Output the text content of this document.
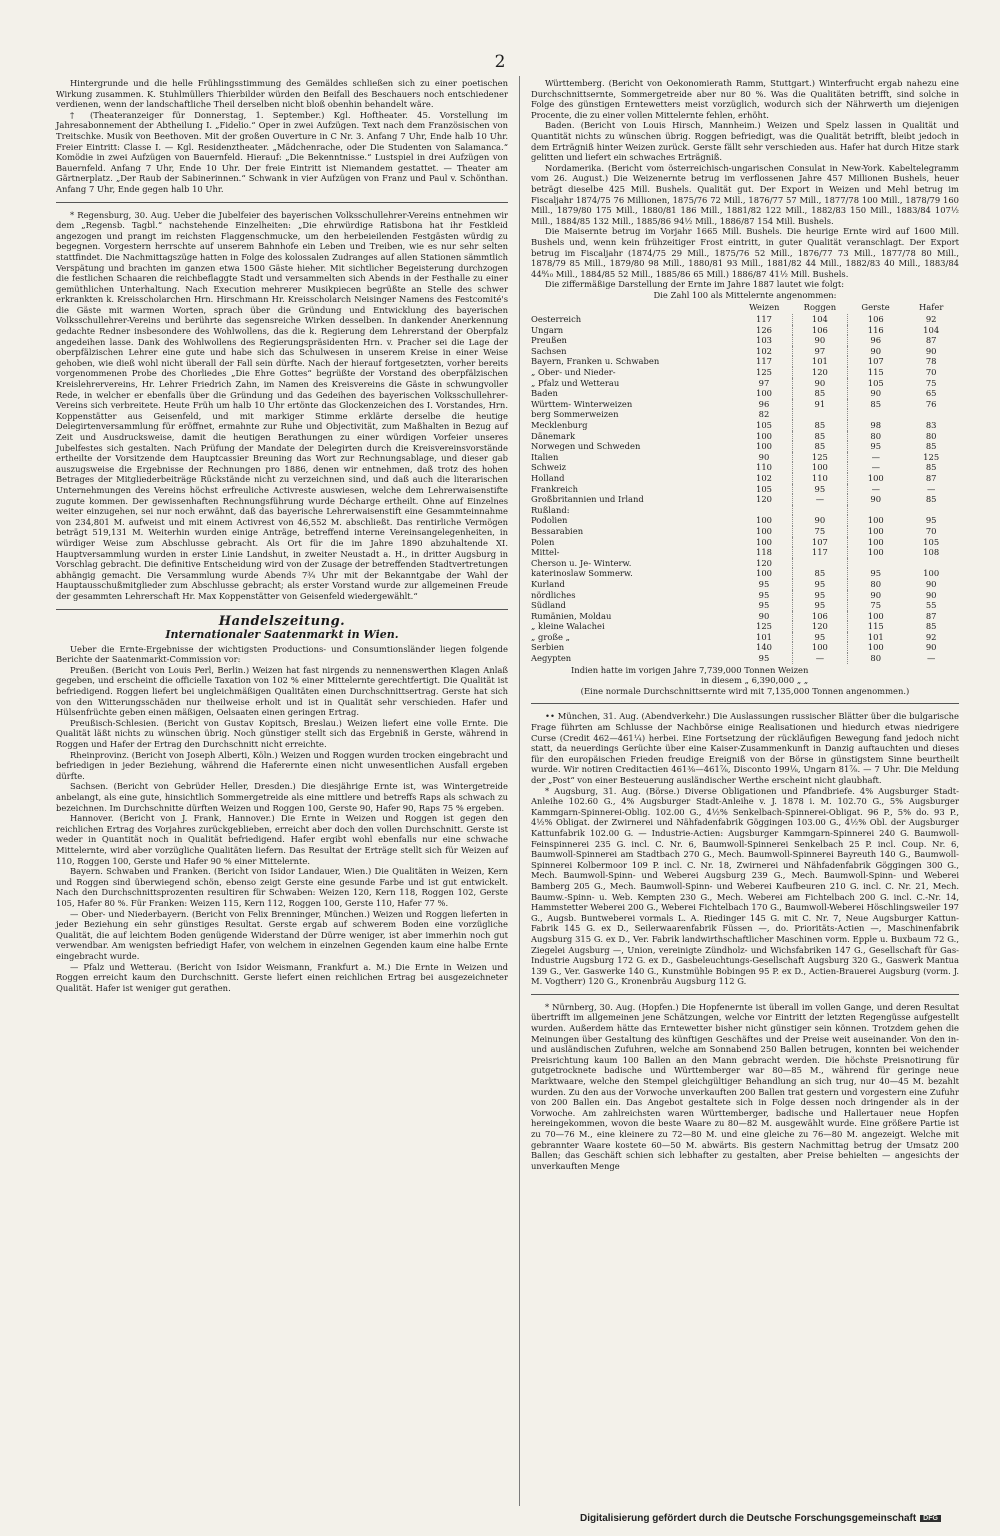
2

Hintergrunde und die helle Frühlingsstimmung des Gemäldes schließen sich zu einer poetischen Wirkung zusammen. K. Stuhlmüllers Thierbilder würden den Beifall des Beschauers noch entschiedener verdienen, wenn der landschaftliche Theil derselben nicht bloß obenhin behandelt wäre.

† (Theateranzeiger für Donnerstag, 1. September.) Kgl. Hoftheater. 45. Vorstellung im Jahresabonnement der Abtheilung I. „Fidelio.“ Oper in zwei Aufzügen. Text nach dem Französischen von Treitschke. Musik von Beethoven. Mit der großen Ouverture in C Nr. 3. Anfang 7 Uhr, Ende halb 10 Uhr. Freier Eintritt: Classe I. — Kgl. Residenztheater. „Mädchenrache, oder Die Studenten von Salamanca.“ Komödie in zwei Aufzügen von Bauernfeld. Hierauf: „Die Bekenntnisse.“ Lustspiel in drei Aufzügen von Bauernfeld. Anfang 7 Uhr, Ende 10 Uhr. Der freie Eintritt ist Niemandem gestattet. — Theater am Gärtnerplatz. „Der Raub der Sabinerinnen.“ Schwank in vier Aufzügen von Franz und Paul v. Schönthan. Anfang 7 Uhr, Ende gegen halb 10 Uhr.

* Regensburg, 30. Aug. Ueber die Jubelfeier des bayerischen Volksschullehrer-Vereins entnehmen wir dem „Regensb. Tagbl.“ nachstehende Einzelheiten: „Die ehrwürdige Ratisbona hat ihr Festkleid angezogen und prangt im reichsten Flaggenschmucke, um den herbeieilenden Festgästen würdig zu begegnen. Vorgestern herrschte auf unserem Bahnhofe ein Leben und Treiben, wie es nur sehr selten stattfindet. Die Nachmittagszüge hatten in Folge des kolossalen Zudranges auf allen Stationen sämmtlich Verspätung und brachten im ganzen etwa 1500 Gäste hieher. Mit sichtlicher Begeisterung durchzogen die festlichen Schaaren die reichbeflaggte Stadt und versammelten sich Abends in der Festhalle zu einer gemüthlichen Unterhaltung. Nach Execution mehrerer Musikpiecen begrüßte an Stelle des schwer erkrankten k. Kreisscholarchen Hrn. Hirschmann Hr. Kreisscholarch Neisinger Namens des Festcomité's die Gäste mit warmen Worten, sprach über die Gründung und Entwicklung des bayerischen Volksschullehrer-Vereins und berührte das segensreiche Wirken desselben. In dankender Anerkennung gedachte Redner insbesondere des Wohlwollens, das die k. Regierung dem Lehrerstand der Oberpfalz angedeihen lasse. Dank des Wohlwollens des Regierungspräsidenten Hrn. v. Pracher sei die Lage der oberpfälzischen Lehrer eine gute und habe sich das Schulwesen in unserem Kreise in einer Weise gehoben, wie dieß wohl nicht überall der Fall sein dürfte. Nach der hierauf fortgesetzten, vorher bereits vorgenommenen Probe des Chorliedes „Die Ehre Gottes“ begrüßte der Vorstand des oberpfälzischen Kreislehrervereins, Hr. Lehrer Friedrich Zahn, im Namen des Kreisvereins die Gäste in schwungvoller Rede, in welcher er ebenfalls über die Gründung und das Gedeihen des bayerischen Volksschullehrer-Vereins sich verbreitete. Heute Früh um halb 10 Uhr ertönte das Glockenzeichen des I. Vorstandes, Hrn. Koppenstätter aus Geisenfeld, und mit markiger Stimme erklärte derselbe die heutige Delegirtenversammlung für eröffnet, ermahnte zur Ruhe und Objectivität, zum Maßhalten in Bezug auf Zeit und Ausdrucksweise, damit die heutigen Berathungen zu einer würdigen Vorfeier unseres Jubelfestes sich gestalten. Nach Prüfung der Mandate der Delegirten durch die Kreisvereinsvorstände ertheilte der Vorsitzende dem Hauptcassier Breuning das Wort zur Rechnungsablage, und dieser gab auszugsweise die Ergebnisse der Rechnungen pro 1886, denen wir entnehmen, daß trotz des hohen Betrages der Mitgliederbeiträge Rückstände nicht zu verzeichnen sind, und daß auch die literarischen Unternehmungen des Vereins höchst erfreuliche Activreste auswiesen, welche dem Lehrerwaisenstifte zugute kommen. Der gewissenhaften Rechnungsführung wurde Décharge ertheilt. Ohne auf Einzelnes weiter einzugehen, sei nur noch erwähnt, daß das bayerische Lehrerwaisenstift eine Gesammteinnahme von 234,801 M. aufweist und mit einem Activrest von 46,552 M. abschließt. Das rentirliche Vermögen beträgt 519,131 M. Weiterhin wurden einige Anträge, betreffend interne Vereinsangelegenheiten, in würdiger Weise zum Abschlusse gebracht. Als Ort für die im Jahre 1890 abzuhaltende XI. Hauptversammlung wurden in erster Linie Landshut, in zweiter Neustadt a. H., in dritter Augsburg in Vorschlag gebracht. Die definitive Entscheidung wird von der Zusage der betreffenden Stadtvertretungen abhängig gemacht. Die Versammlung wurde Abends 7¾ Uhr mit der Bekanntgabe der Wahl der Hauptausschußmitglieder zum Abschlusse gebracht; als erster Vorstand wurde zur allgemeinen Freude der gesammten Lehrerschaft Hr. Max Koppenstätter von Geisenfeld wiedergewählt.“

Handelszeitung.
Internationaler Saatenmarkt in Wien.

Ueber die Ernte-Ergebnisse der wichtigsten Productions- und Consumtionsländer liegen folgende Berichte der Saatenmarkt-Commission vor:

Preußen. (Bericht von Louis Perl, Berlin.) Weizen hat fast nirgends zu nennenswerthen Klagen Anlaß gegeben, und erscheint die officielle Taxation von 102 % einer Mittelernte gerechtfertigt. Die Qualität ist befriedigend. Roggen liefert bei ungleichmäßigen Qualitäten einen Durchschnittsertrag. Gerste hat sich von den Witterungsschäden nur theilweise erholt und ist in Qualität sehr verschieden. Hafer und Hülsenfrüchte geben einen mäßigen, Oelsaaten einen geringen Ertrag.

Preußisch-Schlesien. (Bericht von Gustav Kopitsch, Breslau.) Weizen liefert eine volle Ernte. Die Qualität läßt nichts zu wünschen übrig. Noch günstiger stellt sich das Ergebniß in Gerste, während in Roggen und Hafer der Ertrag den Durchschnitt nicht erreichte.

Rheinprovinz. (Bericht von Joseph Alberti, Köln.) Weizen und Roggen wurden trocken eingebracht und befriedigen in jeder Beziehung, während die Haferernte einen nicht unwesentlichen Ausfall ergeben dürfte.

Sachsen. (Bericht von Gebrüder Heller, Dresden.) Die diesjährige Ernte ist, was Wintergetreide anbelangt, als eine gute, hinsichtlich Sommergetreide als eine mittlere und betreffs Raps als schwach zu bezeichnen. Im Durchschnitte dürften Weizen und Roggen 100, Gerste 90, Hafer 90, Raps 75 % ergeben.

Hannover. (Bericht von J. Frank, Hannover.) Die Ernte in Weizen und Roggen ist gegen den reichlichen Ertrag des Vorjahres zurückgeblieben, erreicht aber doch den vollen Durchschnitt. Gerste ist weder in Quantität noch in Qualität befriedigend. Hafer ergibt wohl ebenfalls nur eine schwache Mittelernte, wird aber vorzügliche Qualitäten liefern. Das Resultat der Erträge stellt sich für Weizen auf 110, Roggen 100, Gerste und Hafer 90 % einer Mittelernte.

Bayern. Schwaben und Franken. (Bericht von Isidor Landauer, Wien.) Die Qualitäten in Weizen, Kern und Roggen sind überwiegend schön, ebenso zeigt Gerste eine gesunde Farbe und ist gut entwickelt. Nach den Durchschnittsprozenten resultiren für Schwaben: Weizen 120, Kern 118, Roggen 102, Gerste 105, Hafer 80 %. Für Franken: Weizen 115, Kern 112, Roggen 100, Gerste 110, Hafer 77 %.

— Ober- und Niederbayern. (Bericht von Felix Brenninger, München.) Weizen und Roggen lieferten in jeder Beziehung ein sehr günstiges Resultat. Gerste ergab auf schwerem Boden eine vorzügliche Qualität, die auf leichtem Boden genügende Widerstand der Dürre weniger, ist aber immerhin noch gut verwendbar. Am wenigsten befriedigt Hafer, von welchem in einzelnen Gegenden kaum eine halbe Ernte eingebracht wurde.

— Pfalz und Wetterau. (Bericht von Isidor Weismann, Frankfurt a. M.) Die Ernte in Weizen und Roggen erreicht kaum den Durchschnitt. Gerste liefert einen reichlichen Ertrag bei ausgezeichneter Qualität. Hafer ist weniger gut gerathen.

Württemberg. (Bericht von Oekonomierath Ramm, Stuttgart.) Winterfrucht ergab nahezu eine Durchschnittsernte, Sommergetreide aber nur 80 %. Was die Qualitäten betrifft, sind solche in Folge des günstigen Erntewetters meist vorzüglich, wodurch sich der Nährwerth um diejenigen Procente, die zu einer vollen Mittelernte fehlen, erhöht.

Baden. (Bericht von Louis Hirsch, Mannheim.) Weizen und Spelz lassen in Qualität und Quantität nichts zu wünschen übrig. Roggen befriedigt, was die Qualität betrifft, bleibt jedoch in dem Erträgniß hinter Weizen zurück. Gerste fällt sehr verschieden aus. Hafer hat durch Hitze stark gelitten und liefert ein schwaches Erträgniß.

Nordamerika. (Bericht vom österreichisch-ungarischen Consulat in New-York. Kabeltelegramm vom 26. August.) Die Weizenernte betrug im verflossenen Jahre 457 Millionen Bushels, heuer beträgt dieselbe 425 Mill. Bushels. Qualität gut. Der Export in Weizen und Mehl betrug im Fiscaljahr 1874/75 76 Millionen, 1875/76 72 Mill., 1876/77 57 Mill., 1877/78 100 Mill., 1878/79 160 Mill., 1879/80 175 Mill., 1880/81 186 Mill., 1881/82 122 Mill., 1882/83 150 Mill., 1883/84 107½ Mill., 1884/85 132 Mill., 1885/86 94½ Mill., 1886/87 154 Mill. Bushels.

Die Maisernte betrug im Vorjahr 1665 Mill. Bushels. Die heurige Ernte wird auf 1600 Mill. Bushels und, wenn kein frühzeitiger Frost eintritt, in guter Qualität veranschlagt. Der Export betrug im Fiscaljahr (1874/75 29 Mill., 1875/76 52 Mill., 1876/77 73 Mill., 1877/78 80 Mill., 1878/79 85 Mill., 1879/80 98 Mill., 1880/81 93 Mill., 1881/82 44 Mill., 1882/83 40 Mill., 1883/84 44⁸⁄₁₀ Mill., 1884/85 52 Mill., 1885/86 65 Mill.) 1886/87 41½ Mill. Bushels.

Die ziffermäßige Darstellung der Ernte im Jahre 1887 lautet wie folgt:

Die Zahl 100 als Mittelernte angenommen:
	Weizen	Roggen	Gerste	Hafer
Oesterreich	117	104	106	92
Ungarn	126	106	116	104
Preußen	103	90	96	87
Sachsen	102	97	90	90
Bayern, Franken u. Schwaben	117	101	107	78
„ Ober- und Nieder-	125	120	115	70
„ Pfalz und Wetterau	97	90	105	75
Baden	100	85	90	65
Württem- Winterweizen	96	91	85	76
berg Sommerweizen	82			
Mecklenburg	105	85	98	83
Dänemark	100	85	80	80
Norwegen und Schweden	100	85	95	85
Italien	90	125	—	125
Schweiz	110	100	—	85
Holland	102	110	100	87
Frankreich	105	95	—	—
Großbritannien und Irland	120	—	90	85
Rußland:				
Podolien	100	90	100	95
Bessarabien	100	75	100	70
Polen	100	107	100	105
Mittel-	118	117	100	108
Cherson u. Je- Winterw.	120			
katerinoslaw Sommerw.	100	85	95	100
Kurland	95	95	80	90
nördliches	95	95	90	90
Südland	95	95	75	55
Rumänien, Moldau	90	106	100	87
„ kleine Walachei	125	120	115	85
„ große „	101	95	101	92
Serbien	140	100	100	90
Aegypten	95	—	80	—
Indien hatte im vorigen Jahre 7,739,000 Tonnen Weizen
in diesem „ 6,390,000 „ „
(Eine normale Durchschnittsernte wird mit 7,135,000 Tonnen angenommen.)

•• München, 31. Aug. (Abendverkehr.) Die Auslassungen russischer Blätter über die bulgarische Frage führten am Schlusse der Nachbörse einige Realisationen und hiedurch etwas niedrigere Curse (Credit 462—461¼) herbei. Eine Fortsetzung der rückläufigen Bewegung fand jedoch nicht statt, da neuerdings Gerüchte über eine Kaiser-Zusammenkunft in Danzig auftauchten und dieses für den europäischen Frieden freudige Ereigniß von der Börse in günstigstem Sinne beurtheilt wurde. Wir notiren Creditactien 461⅜—461⅞, Disconto 199⅛, Ungarn 81⅞. — 7 Uhr. Die Meldung der „Post“ von einer Besteuerung ausländischer Werthe erscheint nicht glaubhaft.

* Augsburg, 31. Aug. (Börse.) Diverse Obligationen und Pfandbriefe. 4% Augsburger Stadt-Anleihe 102.60 G., 4% Augsburger Stadt-Anleihe v. J. 1878 i. M. 102.70 G., 5% Augsburger Kammgarn-Spinnerei-Oblig. 102.00 G., 4½% Senkelbach-Spinnerei-Obligat. 96 P., 5% do. 93 P., 4½% Obligat. der Zwirnerei und Nähfadenfabrik Göggingen 103.00 G., 4½% Obl. der Augsburger Kattunfabrik 102.00 G. — Industrie-Actien: Augsburger Kammgarn-Spinnerei 240 G. Baumwoll-Feinspinnerei 235 G. incl. C. Nr. 6, Baumwoll-Spinnerei Senkelbach 25 P. incl. Coup. Nr. 6, Baumwoll-Spinnerei am Stadtbach 270 G., Mech. Baumwoll-Spinnerei Bayreuth 140 G., Baumwoll-Spinnerei Kolbermoor 109 P. incl. C. Nr. 18, Zwirnerei und Nähfadenfabrik Göggingen 300 G., Mech. Baumwoll-Spinn- und Weberei Augsburg 239 G., Mech. Baumwoll-Spinn- und Weberei Bamberg 205 G., Mech. Baumwoll-Spinn- und Weberei Kaufbeuren 210 G. incl. C. Nr. 21, Mech. Baumw.-Spinn- u. Web. Kempten 230 G., Mech. Weberei am Fichtelbach 200 G. incl. C.-Nr. 14, Hammstetter Weberei 200 G., Weberei Fichtelbach 170 G., Baumwoll-Weberei Höschlingsweiler 197 G., Augsb. Buntweberei vormals L. A. Riedinger 145 G. mit C. Nr. 7, Neue Augsburger Kattun-Fabrik 145 G. ex D., Seilerwaarenfabrik Füssen —, do. Prioritäts-Actien —, Maschinenfabrik Augsburg 315 G. ex D., Ver. Fabrik landwirthschaftlicher Maschinen vorm. Epple u. Buxbaum 72 G., Ziegelei Augsburg —, Union, vereinigte Zündholz- und Wichsfabriken 147 G., Gesellschaft für Gas-Industrie Augsburg 172 G. ex D., Gasbeleuchtungs-Gesellschaft Augsburg 320 G., Gaswerk Mantua 139 G., Ver. Gaswerke 140 G., Kunstmühle Bobingen 95 P. ex D., Actien-Brauerei Augsburg (vorm. J. M. Vogtherr) 120 G., Kronenbräu Augsburg 112 G.

* Nürnberg, 30. Aug. (Hopfen.) Die Hopfenernte ist überall im vollen Gange, und deren Resultat übertrifft im allgemeinen jene Schätzungen, welche vor Eintritt der letzten Regengüsse aufgestellt wurden. Außerdem hätte das Erntewetter bisher nicht günstiger sein können. Trotzdem gehen die Meinungen über Gestaltung des künftigen Geschäftes und der Preise weit auseinander. Von den in- und ausländischen Zufuhren, welche am Sonnabend 250 Ballen betrugen, konnten bei weichender Preisrichtung kaum 100 Ballen an den Mann gebracht werden. Die höchste Preisnotirung für gutgetrocknete badische und Württemberger war 80—85 M., während für geringe neue Marktwaare, welche den Stempel gleichgültiger Behandlung an sich trug, nur 40—45 M. bezahlt wurden. Zu den aus der Vorwoche unverkauften 200 Ballen trat gestern und vorgestern eine Zufuhr von 200 Ballen ein. Das Angebot gestaltete sich in Folge dessen noch dringender als in der Vorwoche. Am zahlreichsten waren Württemberger, badische und Hallertauer neue Hopfen hereingekommen, wovon die beste Waare zu 80—82 M. ausgewählt wurde. Eine größere Partie ist zu 70—76 M., eine kleinere zu 72—80 M. und eine gleiche zu 76—80 M. angezeigt. Welche mit gebrannter Waare kostete 60—50 M. abwärts. Bis gestern Nachmittag betrug der Umsatz 200 Ballen; das Geschäft schien sich lebhafter zu gestalten, aber Preise behielten — angesichts der unverkauften Menge

Digitalisierung gefördert durch die Deutsche Forschungsgemeinschaft DFG
